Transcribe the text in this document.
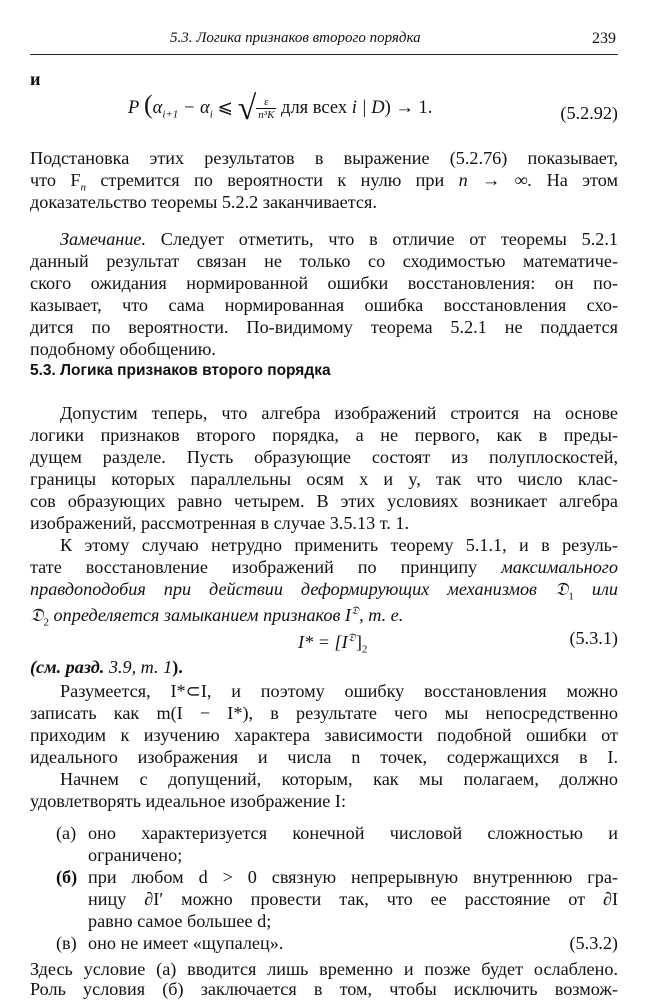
5.3. Логика признаков второго порядка	239
и
P ($\alpha_{i+1} - \alpha_i$ ⩽ √ $\frac{\varepsilon}{\text{n³K}}$ для всех i | D) → 1.	(5.2.92)
Подстановка этих результатов в выражение (5.2.76) показывает,
что $F_n$ стремится по вероятности к нулю при n → ∞. На этом
доказательство теоремы 5.2.2 заканчивается.
Замечание. Следует отметить, что в отличие от теоремы 5.2.1
данный результат связан не только со сходимостью математиче-
ского ожидания нормированной ошибки восстановления: он по-
казывает, что сама нормированная ошибка восстановления схо-
дится по вероятности. По-видимому теорема 5.2.1 не поддается
подобному обобщению.
5.3. Логика признаков второго порядка
Допустим теперь, что алгебра изображений строится на основе
логики признаков второго порядка, а не первого, как в преды-
дущем разделе. Пусть образующие состоят из полуплоскостей,
границы которых параллельны осям x и y, так что число клас-
сов образующих равно четырем. В этих условиях возникает алгебра
изображений, рассмотренная в случае 3.5.13 т. 1.
К этому случаю нетрудно применить теорему 5.1.1, и в резуль-
тате восстановление изображений по принципу максимального
правдоподобия при действии деформирующих механизмов 𝔇$_1$ или
𝔇$_2$ определяется замыканием признаков $I^𝔇$, т. е.
$I* = [I^𝔇]_2$
(5.3.1)
(см. разд. 3.9, т. 1).
Разумеется, I*⊂I, и поэтому ошибку восстановления можно
записать как m(I − I*), в результате чего мы непосредственно
приходим к изучению характера зависимости подобной ошибки от
идеального изображения и числа n точек, содержащихся в I.
Начнем с допущений, которым, как мы полагаем, должно
удовлетворять идеальное изображение I:
(а) оно характеризуется конечной числовой сложностью и
ограничено;
(б) при любом d > 0 связную непрерывную внутреннюю гра-
ницу ∂I′ можно провести так, что ее расстояние от ∂I
равно самое большее d;
(в)	(5.3.2)
оно не имеет «щупалец».
Здесь условие (а) вводится лишь временно и позже будет ослаблено.
Роль условия (б) заключается в том, чтобы исключить возмож-
